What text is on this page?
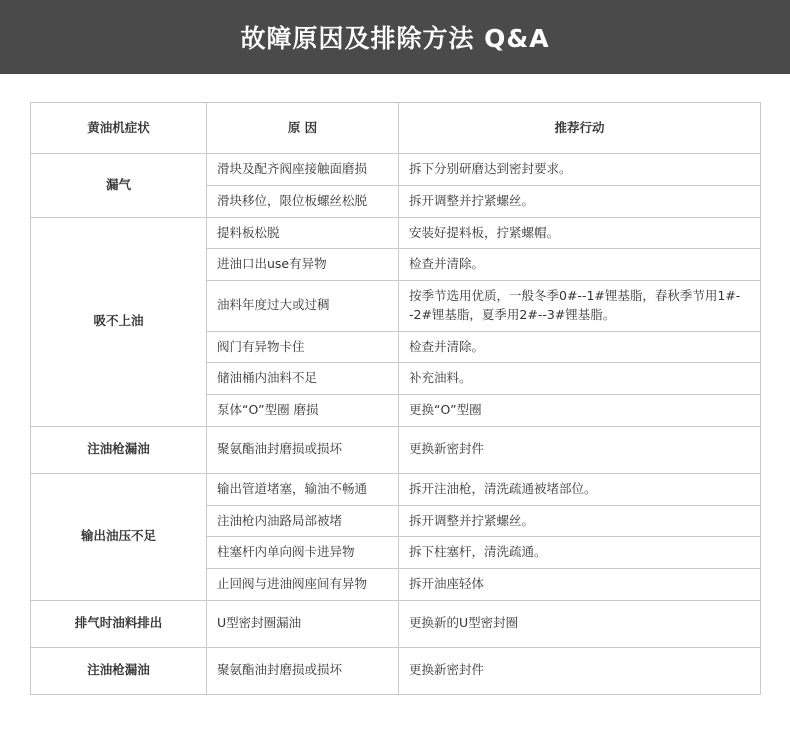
故障原因及排除方法 Q&A
黄油机症状	原 因	推荐行动
漏气	滑块及配齐阀座接触面磨损	拆下分别研磨达到密封要求。
	滑块移位，限位板螺丝松脱	拆开调整并拧紧螺丝。
吸不上油	提料板松脱	安装好提料板，拧紧螺帽。
	进油口出use有异物	检查并清除。
	油料年度过大或过稠	按季节选用优质，一般冬季0#--1#锂基脂，春秋季节用1#--2#锂基脂，夏季用2#--3#锂基脂。
	阀门有异物卡住	检查并清除。
	储油桶内油料不足	补充油料。
	泵体“O”型圈 磨损	更换“O”型圈
注油枪漏油	聚氨酯油封磨损或损坏	更换新密封件
输出油压不足	输出管道堵塞，输油不畅通	拆开注油枪，清洗疏通被堵部位。
	注油枪内油路局部被堵	拆开调整并拧紧螺丝。
	柱塞杆内单向阀卡进异物	拆下柱塞杆，清洗疏通。
	止回阀与进油阀座间有异物	拆开油座轻体
排气时油料排出	U型密封圈漏油	更换新的U型密封圈
注油枪漏油	聚氨酯油封磨损或损坏	更换新密封件
